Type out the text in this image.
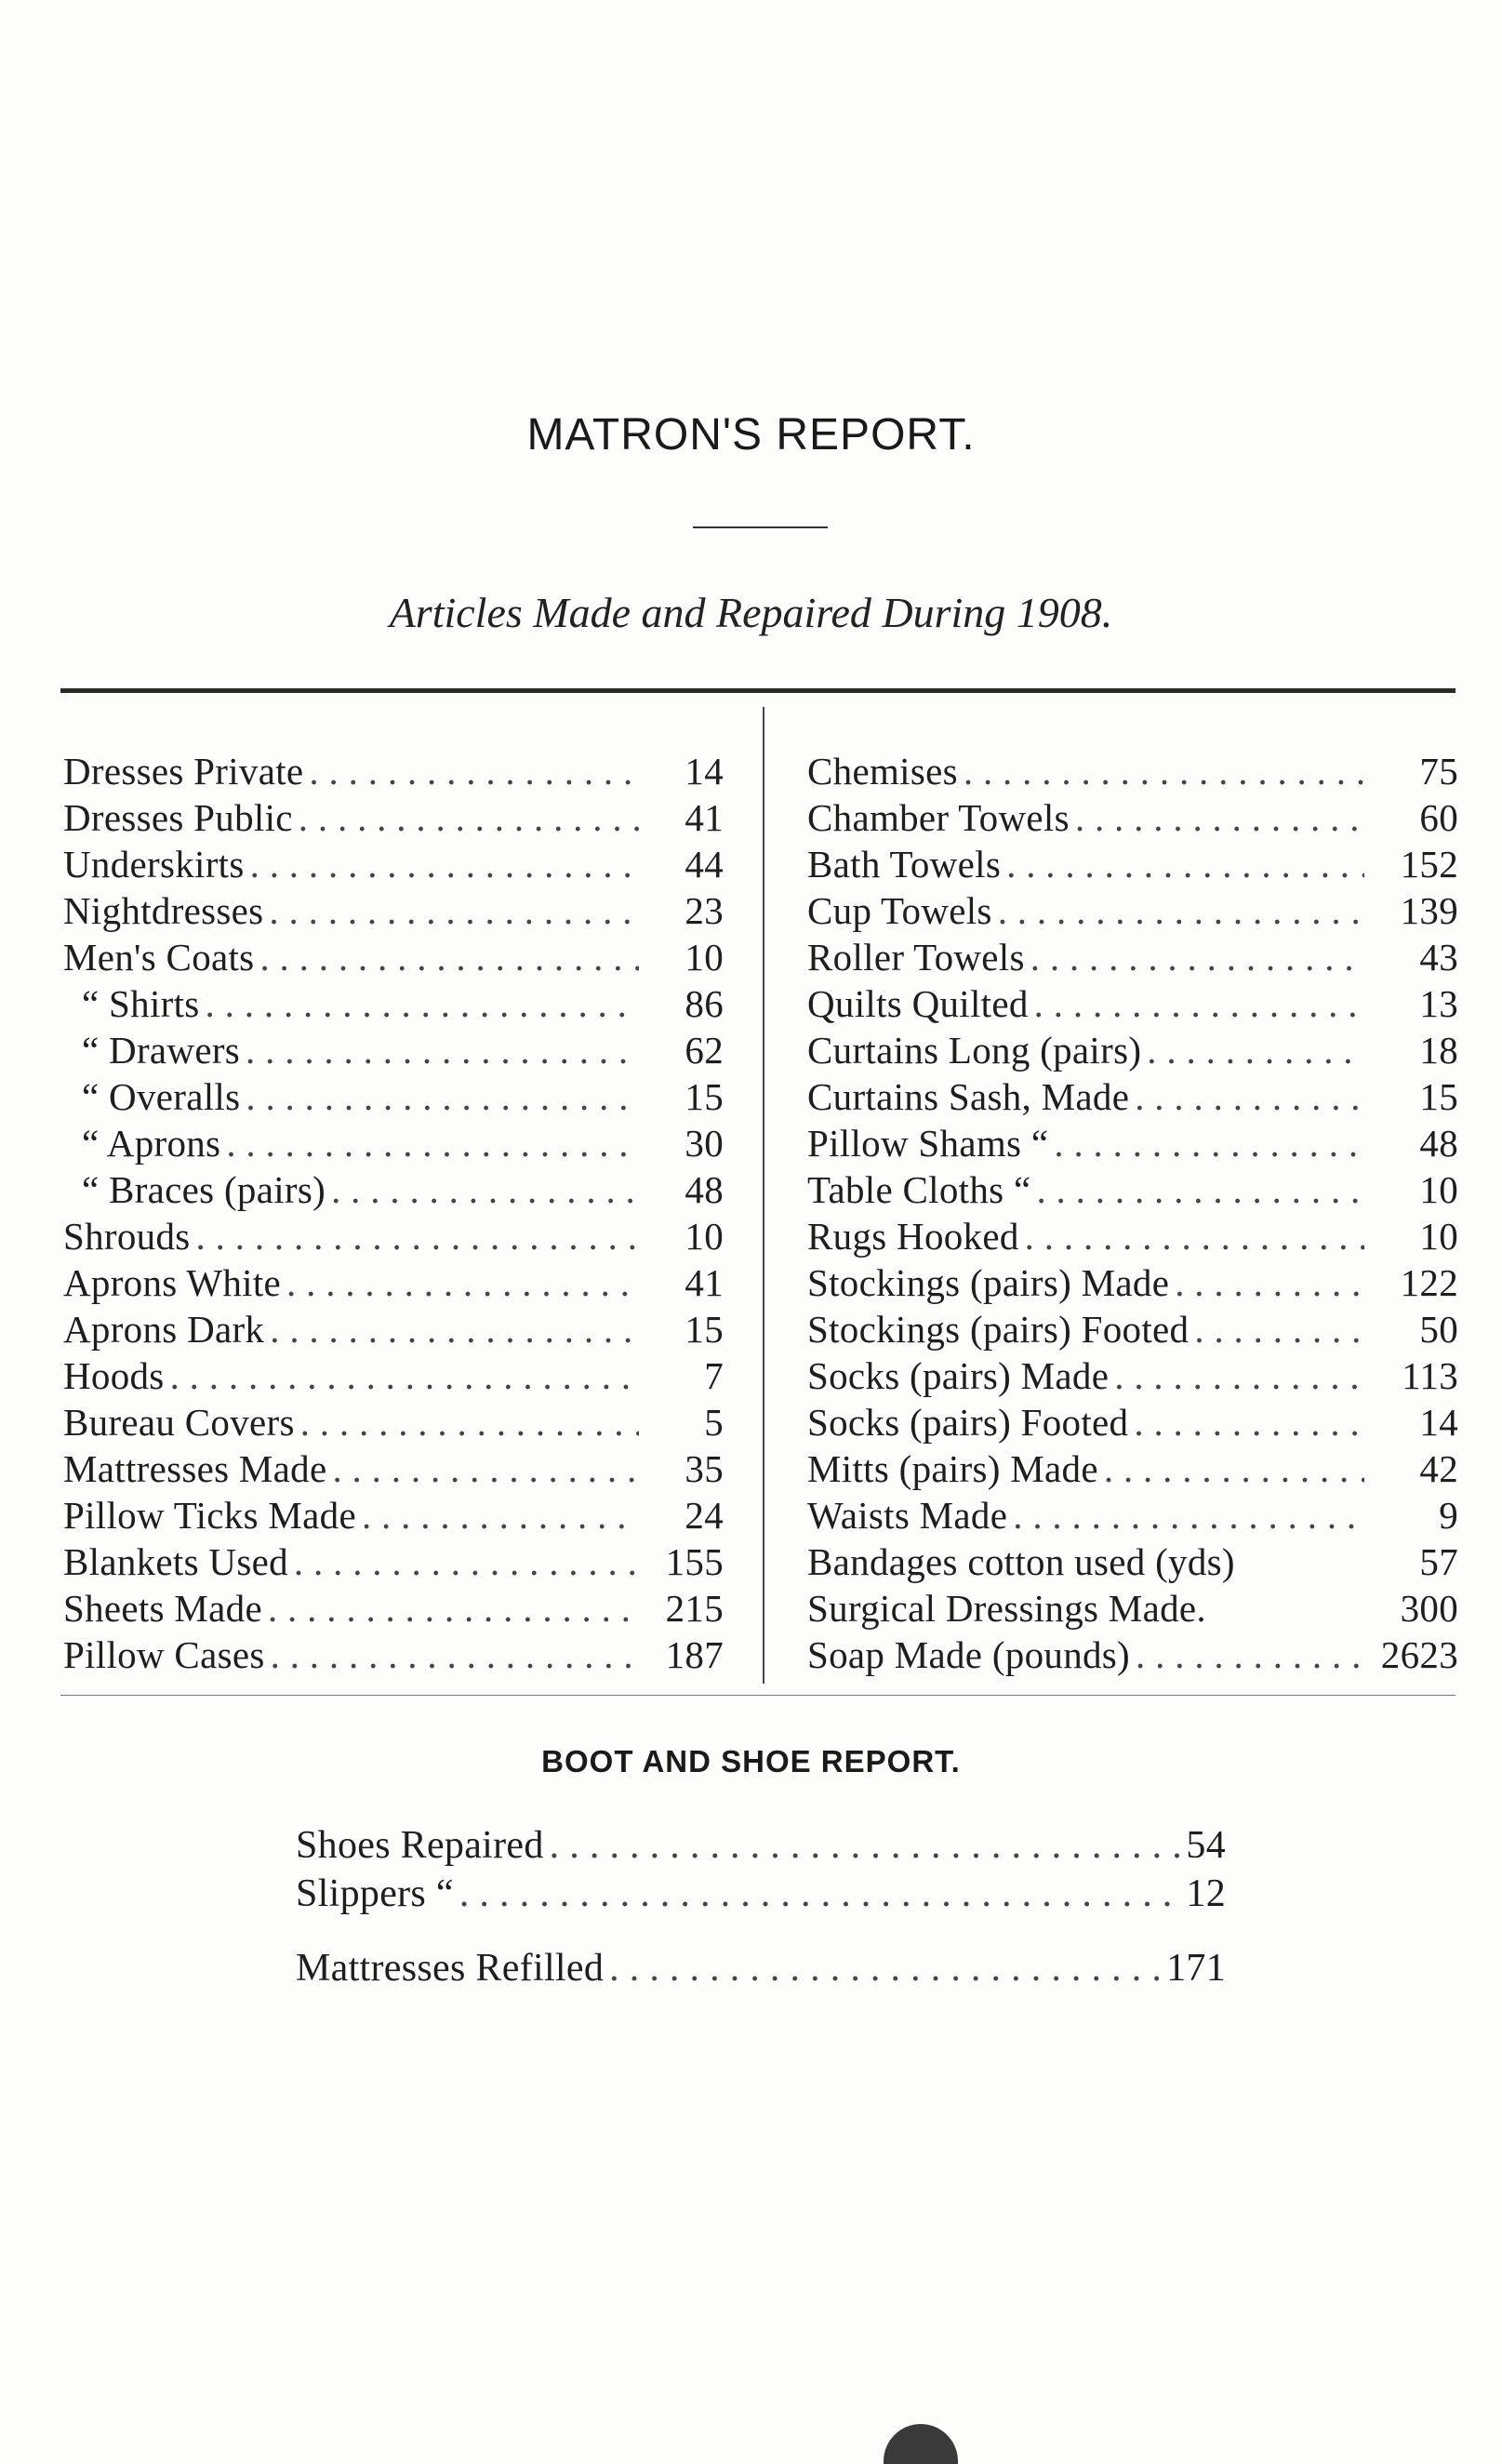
MATRON'S REPORT.
Articles Made and Repaired During 1908.
Dresses Private . . .	14
Dresses Public . . .	41
Underskirts . . .	44
Nightdresses . . .	23
Men's Coats . . .	10
“ Shirts . . .	86
“ Drawers . . .	62
“ Overalls . . .	15
“ Aprons . . .	30
“ Braces (pairs) . . .	48
Shrouds . . .	10
Aprons White . . .	41
Aprons Dark . . .	15
Hoods . . .	7
Bureau Covers . . .	5
Mattresses Made . . .	35
Pillow Ticks Made . . .	24
Blankets Used . . .	155
Sheets Made . . .	215
Pillow Cases . . .	187
Chemises . . .	75
Chamber Towels . . .	60
Bath Towels . . .	152
Cup Towels . . .	139
Roller Towels . . .	43
Quilts Quilted . . .	13
Curtains Long (pairs) . . .	18
Curtains Sash, Made . . .	15
Pillow Shams “ . . .	48
Table Cloths “ . . .	10
Rugs Hooked . . .	10
Stockings (pairs) Made . . .	122
Stockings (pairs) Footed . . .	50
Socks (pairs) Made . . .	113
Socks (pairs) Footed . . .	14
Mitts (pairs) Made . . .	42
Waists Made . . .	9
Bandages cotton used (yds)	57
Surgical Dressings Made.	300
Soap Made (pounds) . . .	2623
BOOT AND SHOE REPORT.
Shoes Repaired . . .	54
Slippers “ . . .	12
Mattresses Refilled . . .	171
